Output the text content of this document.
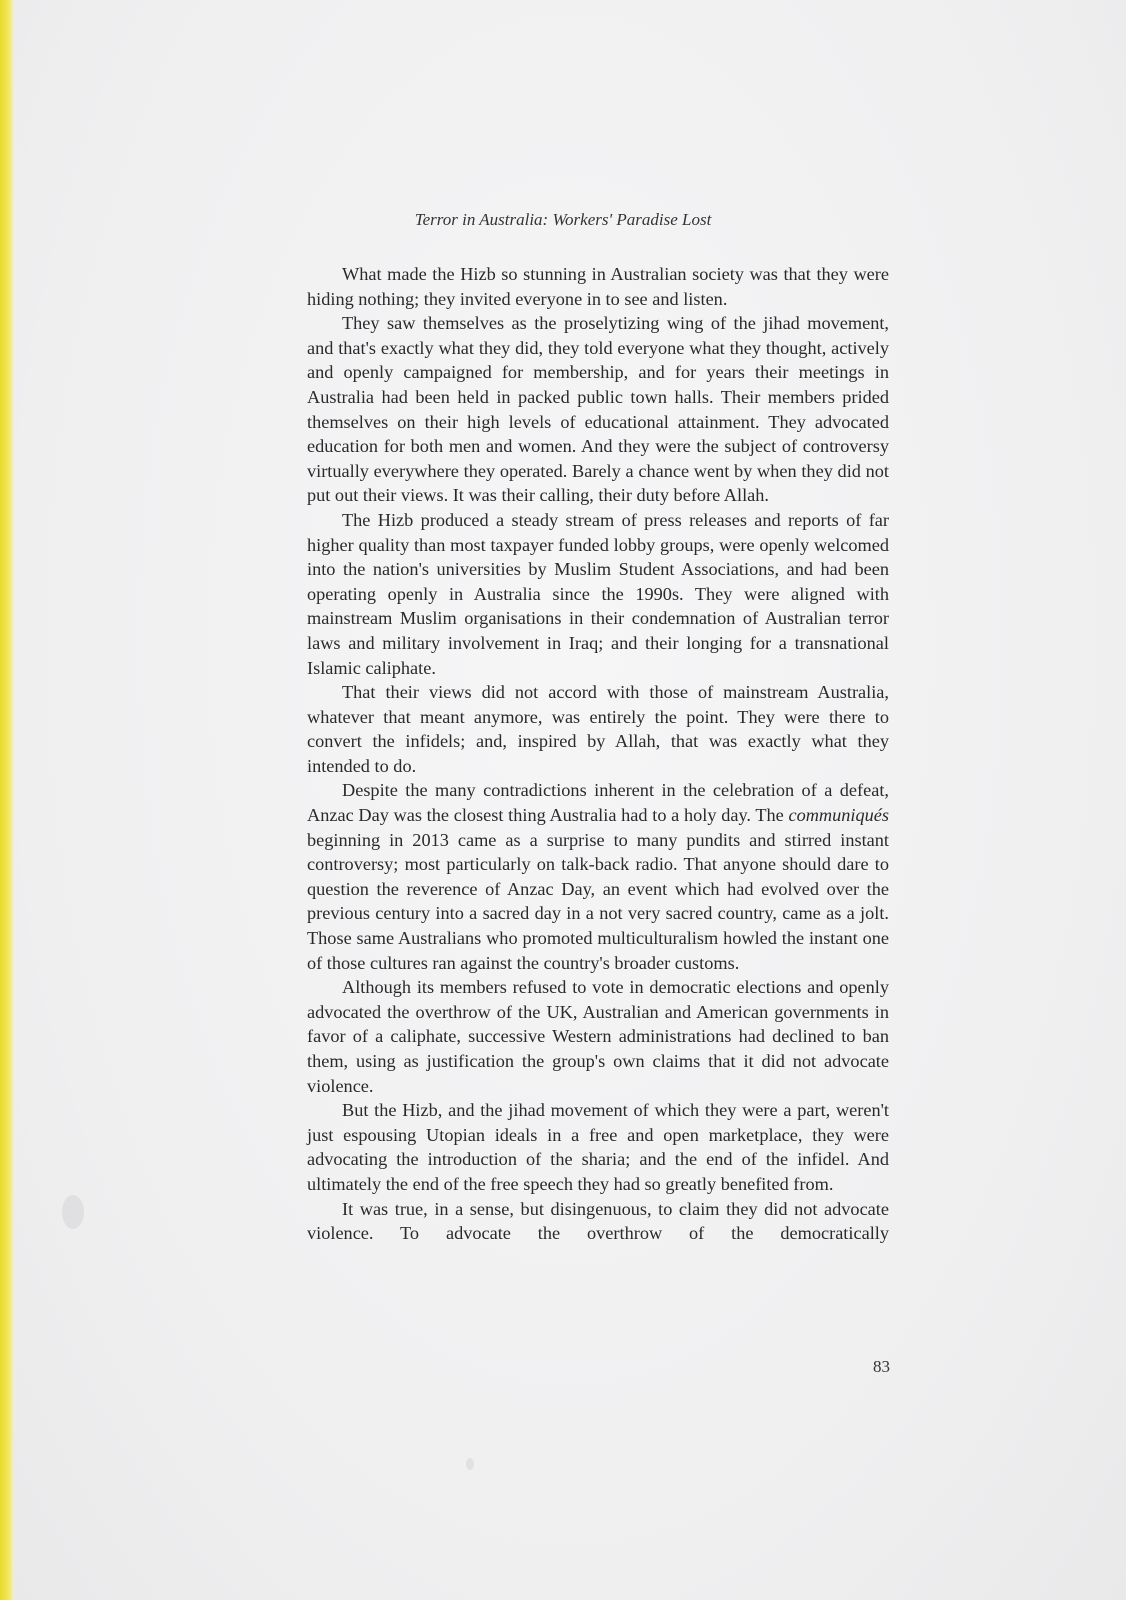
Terror in Australia: Workers' Paradise Lost

What made the Hizb so stunning in Australian society was that they were hiding nothing; they invited everyone in to see and listen.

They saw themselves as the proselytizing wing of the jihad movement, and that's exactly what they did, they told everyone what they thought, actively and openly campaigned for membership, and for years their meetings in Australia had been held in packed public town halls. Their members prided themselves on their high levels of educational attainment. They advocated education for both men and women. And they were the subject of controversy virtually everywhere they operated. Barely a chance went by when they did not put out their views. It was their calling, their duty before Allah.

The Hizb produced a steady stream of press releases and reports of far higher quality than most taxpayer funded lobby groups, were openly welcomed into the nation's universities by Muslim Student Associations, and had been operating openly in Australia since the 1990s. They were aligned with mainstream Muslim organisations in their condemnation of Australian terror laws and military involvement in Iraq; and their longing for a transnational Islamic caliphate.

That their views did not accord with those of mainstream Australia, whatever that meant anymore, was entirely the point. They were there to convert the infidels; and, inspired by Allah, that was exactly what they intended to do.

Despite the many contradictions inherent in the celebration of a defeat, Anzac Day was the closest thing Australia had to a holy day. The communiqués beginning in 2013 came as a surprise to many pundits and stirred instant controversy; most particularly on talk-back radio. That anyone should dare to question the reverence of Anzac Day, an event which had evolved over the previous century into a sacred day in a not very sacred country, came as a jolt. Those same Australians who promoted multiculturalism howled the instant one of those cultures ran against the country's broader customs.

Although its members refused to vote in democratic elections and openly advocated the overthrow of the UK, Australian and American governments in favor of a caliphate, successive Western administrations had declined to ban them, using as justification the group's own claims that it did not advocate violence.

But the Hizb, and the jihad movement of which they were a part, weren't just espousing Utopian ideals in a free and open marketplace, they were advocating the introduction of the sharia; and the end of the infidel. And ultimately the end of the free speech they had so greatly benefited from.

It was true, in a sense, but disingenuous, to claim they did not advocate violence. To advocate the overthrow of the democratically

83
